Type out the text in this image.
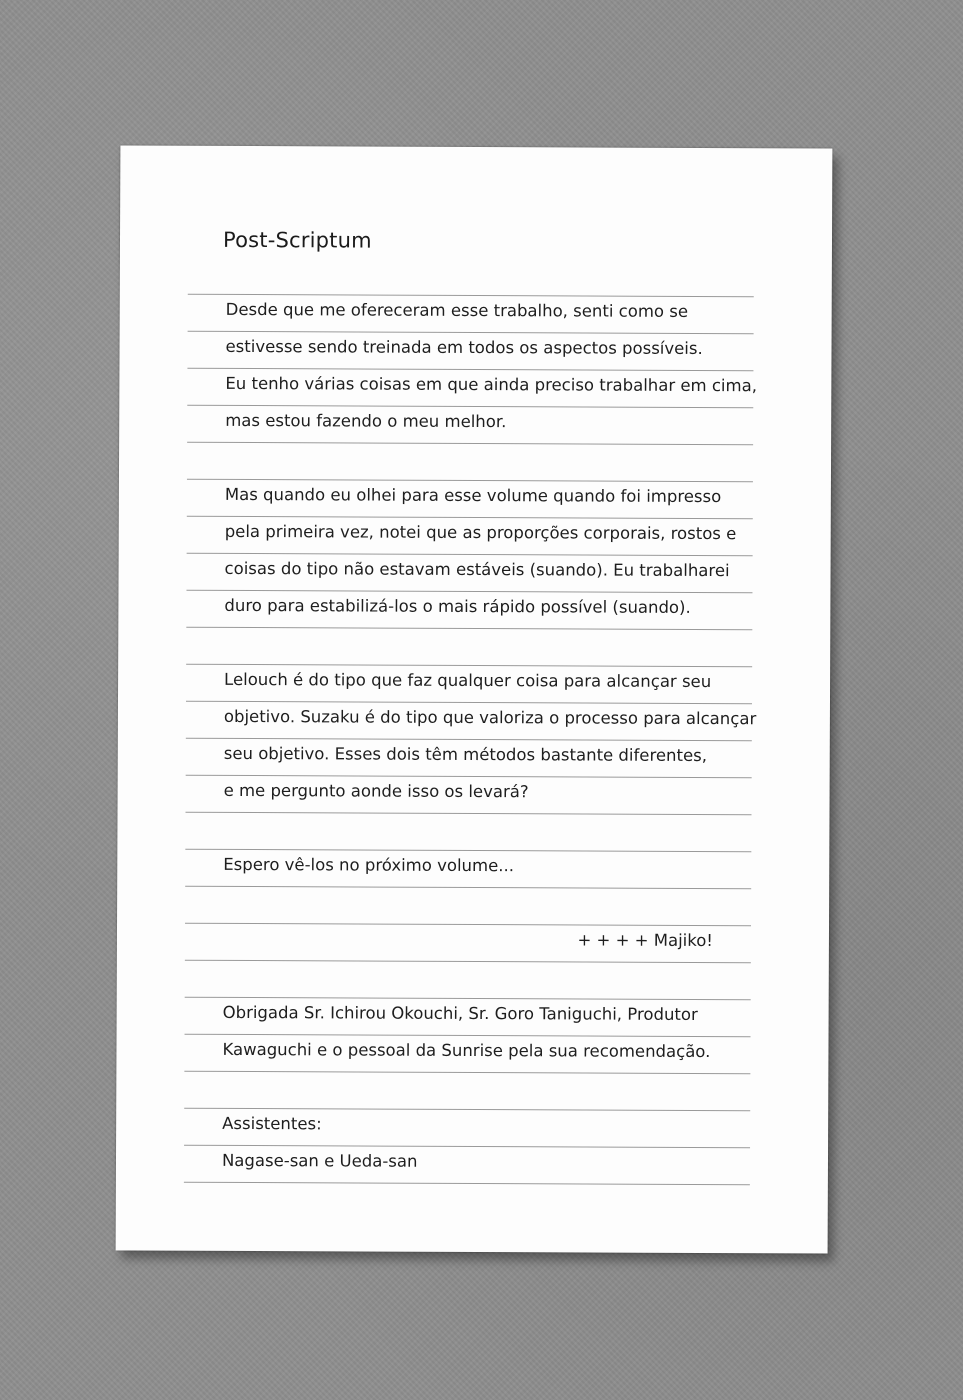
Post-Scriptum
Desde que me ofereceram esse trabalho, senti como se
estivesse sendo treinada em todos os aspectos possíveis.
Eu tenho várias coisas em que ainda preciso trabalhar em cima,
mas estou fazendo o meu melhor.
Mas quando eu olhei para esse volume quando foi impresso
pela primeira vez, notei que as proporções corporais, rostos e
coisas do tipo não estavam estáveis (suando). Eu trabalharei
duro para estabilizá-los o mais rápido possível (suando).
Lelouch é do tipo que faz qualquer coisa para alcançar seu
objetivo. Suzaku é do tipo que valoriza o processo para alcançar
seu objetivo. Esses dois têm métodos bastante diferentes,
e me pergunto aonde isso os levará?
Espero vê-los no próximo volume...
+ + + + Majiko!
Obrigada Sr. Ichirou Okouchi, Sr. Goro Taniguchi, Produtor
Kawaguchi e o pessoal da Sunrise pela sua recomendação.
Assistentes:
Nagase-san e Ueda-san
